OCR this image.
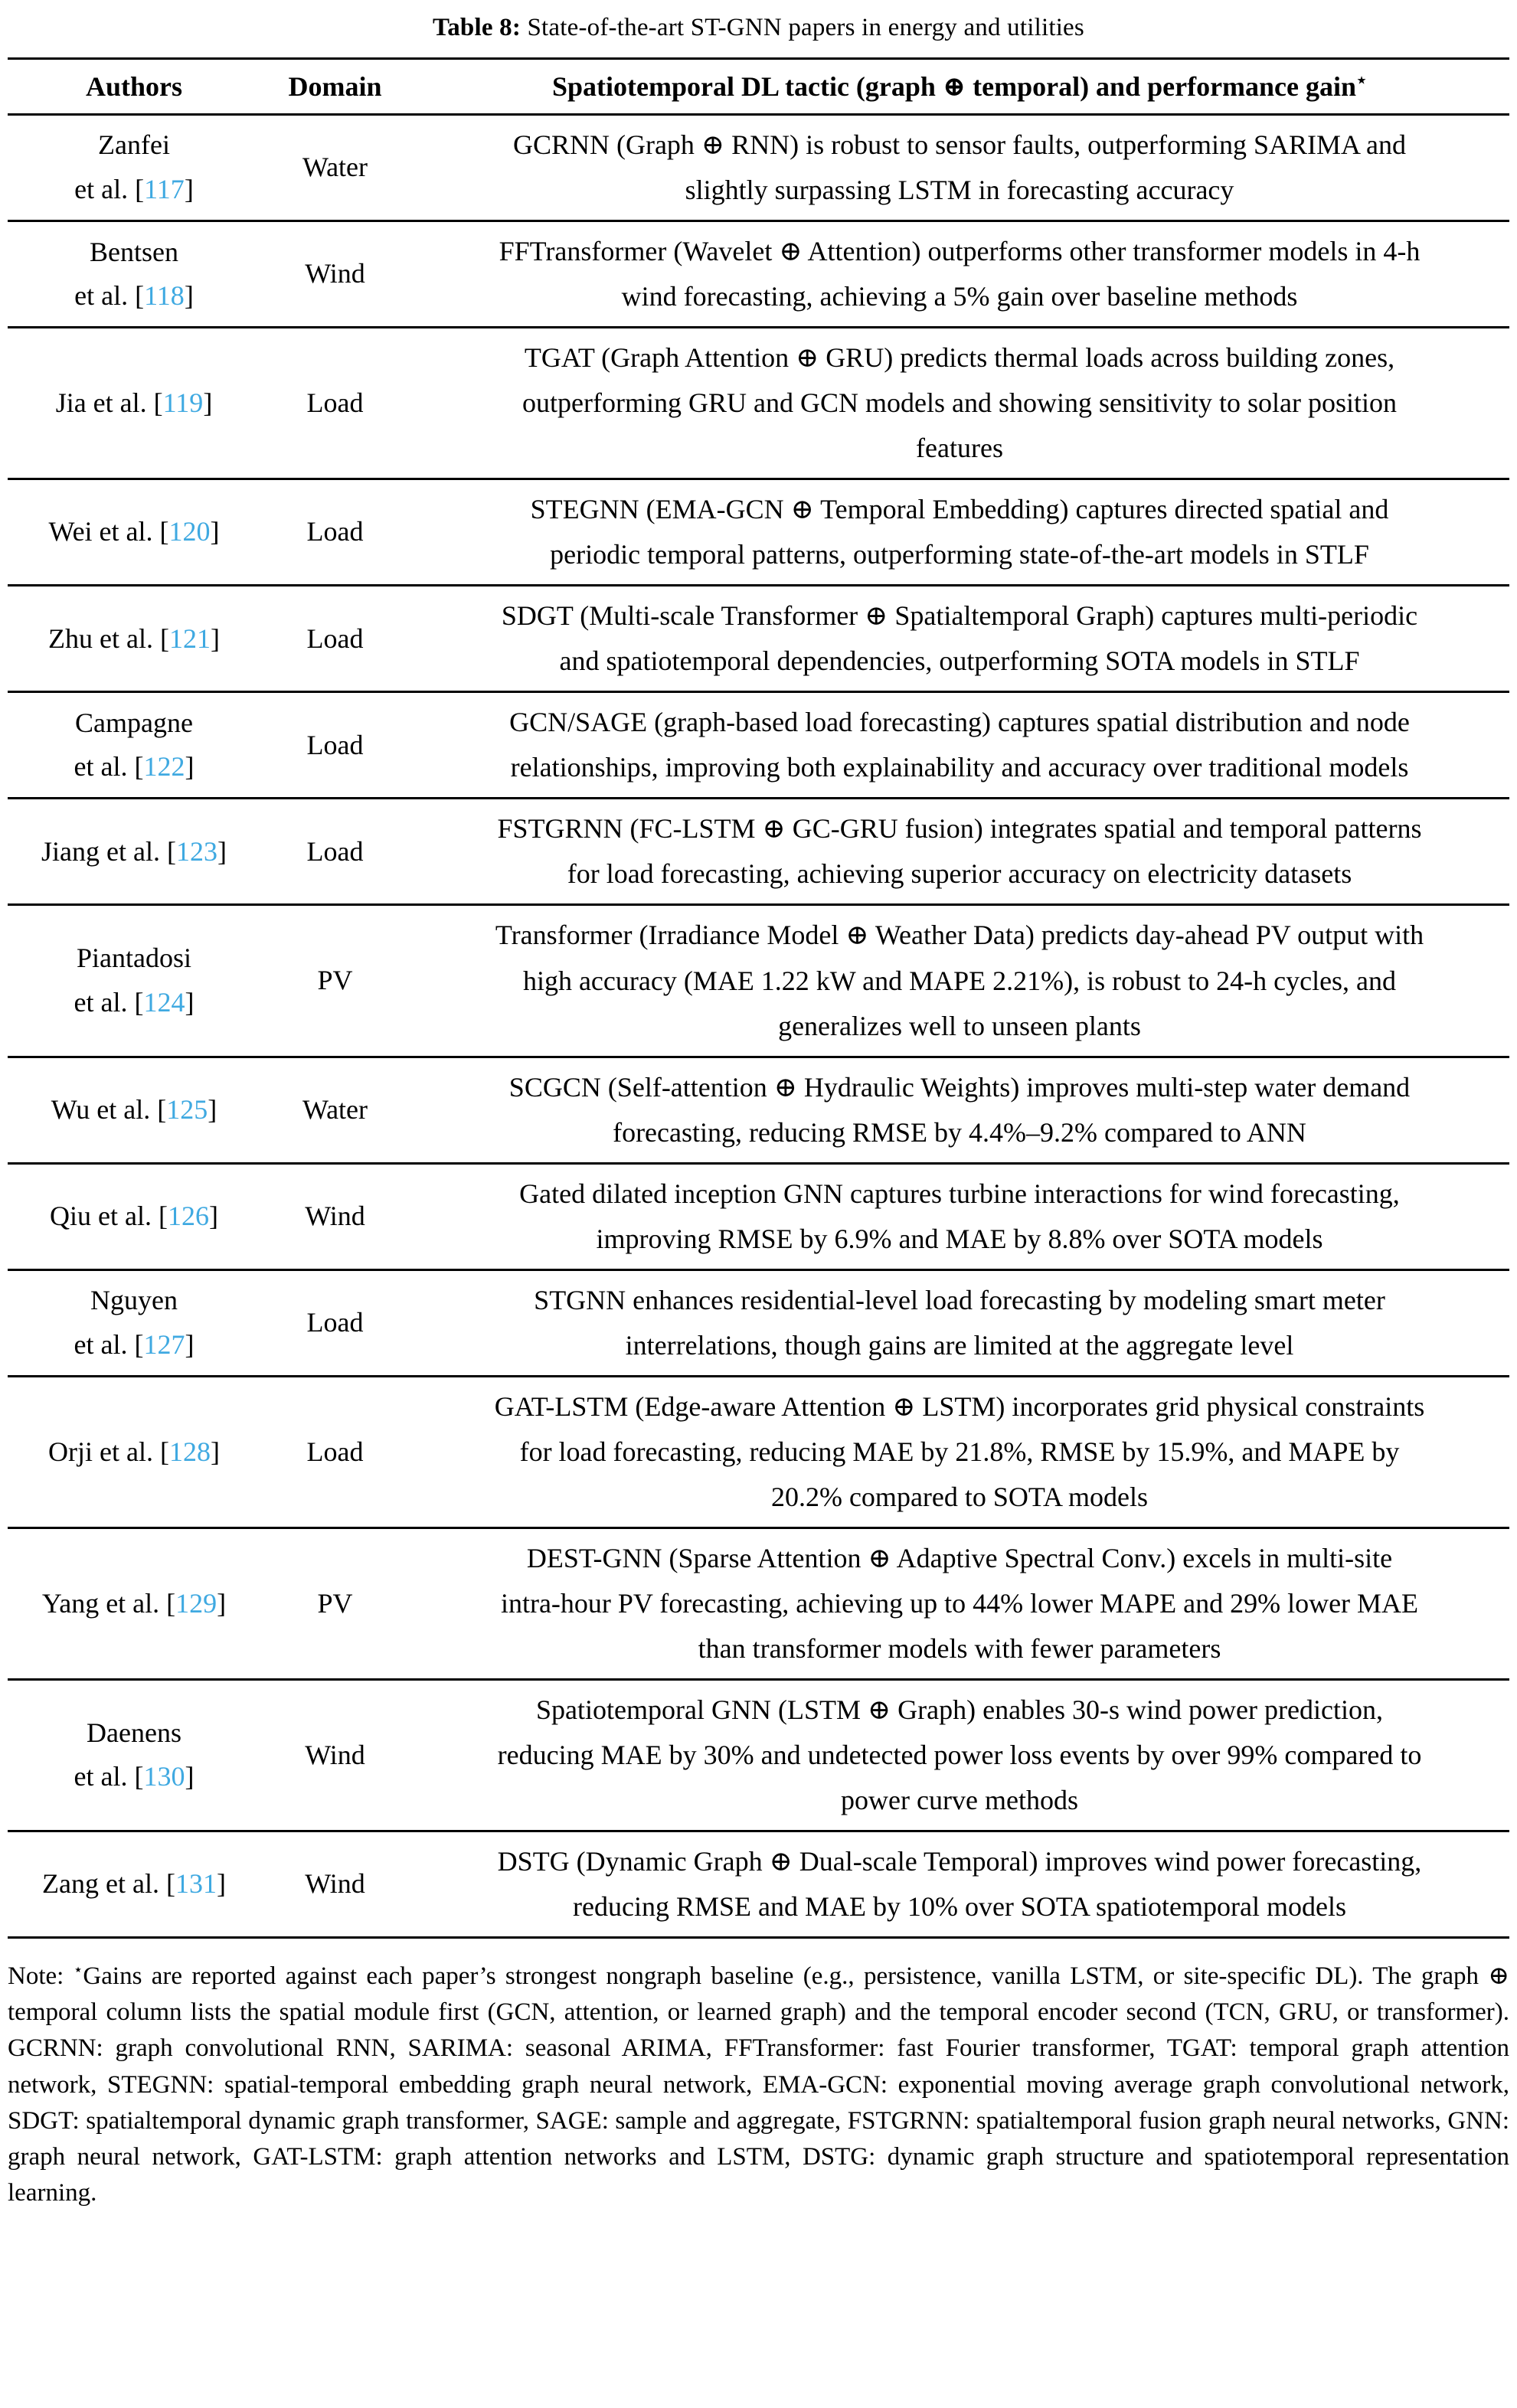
Table 8: State-of-the-art ST-GNN papers in energy and utilities
Authors	Domain	Spatiotemporal DL tactic (graph ⊕ temporal) and performance gain⋆
Zanfei
et al. [117]	Water	GCRNN (Graph ⊕ RNN) is robust to sensor faults, outperforming SARIMA and slightly surpassing LSTM in forecasting accuracy

Bentsen
et al. [118]	Wind	FFTransformer (Wavelet ⊕ Attention) outperforms other transformer models in 4-h wind forecasting, achieving a 5% gain over baseline methods

Jia et al. [119]	Load	TGAT (Graph Attention ⊕ GRU) predicts thermal loads across building zones, outperforming GRU and GCN models and showing sensitivity to solar position features

Wei et al. [120]	Load	STEGNN (EMA-GCN ⊕ Temporal Embedding) captures directed spatial and periodic temporal patterns, outperforming state-of-the-art models in STLF

Zhu et al. [121]	Load	SDGT (Multi-scale Transformer ⊕ Spatialtemporal Graph) captures multi-periodic and spatiotemporal dependencies, outperforming SOTA models in STLF

Campagne
et al. [122]	Load	GCN/SAGE (graph-based load forecasting) captures spatial distribution and node relationships, improving both explainability and accuracy over traditional models

Jiang et al. [123]	Load	FSTGRNN (FC-LSTM ⊕ GC-GRU fusion) integrates spatial and temporal patterns for load forecasting, achieving superior accuracy on electricity datasets

Piantadosi
et al. [124]	PV	Transformer (Irradiance Model ⊕ Weather Data) predicts day-ahead PV output with high accuracy (MAE 1.22 kW and MAPE 2.21%), is robust to 24-h cycles, and generalizes well to unseen plants

Wu et al. [125]	Water	SCGCN (Self-attention ⊕ Hydraulic Weights) improves multi-step water demand forecasting, reducing RMSE by 4.4%–9.2% compared to ANN

Qiu et al. [126]	Wind	Gated dilated inception GNN captures turbine interactions for wind forecasting, improving RMSE by 6.9% and MAE by 8.8% over SOTA models

Nguyen
et al. [127]	Load	STGNN enhances residential-level load forecasting by modeling smart meter interrelations, though gains are limited at the aggregate level

Orji et al. [128]	Load	GAT-LSTM (Edge-aware Attention ⊕ LSTM) incorporates grid physical constraints for load forecasting, reducing MAE by 21.8%, RMSE by 15.9%, and MAPE by 20.2% compared to SOTA models

Yang et al. [129]	PV	DEST-GNN (Sparse Attention ⊕ Adaptive Spectral Conv.) excels in multi-site intra-hour PV forecasting, achieving up to 44% lower MAPE and 29% lower MAE than transformer models with fewer parameters

Daenens
et al. [130]	Wind	Spatiotemporal GNN (LSTM ⊕ Graph) enables 30-s wind power prediction, reducing MAE by 30% and undetected power loss events by over 99% compared to power curve methods

Zang et al. [131]	Wind	DSTG (Dynamic Graph ⊕ Dual-scale Temporal) improves wind power forecasting, reducing RMSE and MAE by 10% over SOTA spatiotemporal models

Note: ⋆Gains are reported against each paper’s strongest nongraph baseline (e.g., persistence, vanilla LSTM, or site-specific DL). The graph ⊕ temporal column lists the spatial module first (GCN, attention, or learned graph) and the temporal encoder second (TCN, GRU, or transformer). GCRNN: graph convolutional RNN, SARIMA: seasonal ARIMA, FFTransformer: fast Fourier transformer, TGAT: temporal graph attention network, STEGNN: spatial-temporal embedding graph neural network, EMA-GCN: exponential moving average graph convolutional network, SDGT: spatialtemporal dynamic graph transformer, SAGE: sample and aggregate, FSTGRNN: spatialtemporal fusion graph neural networks, GNN: graph neural network, GAT-LSTM: graph attention networks and LSTM, DSTG: dynamic graph structure and spatiotemporal representation learning.
